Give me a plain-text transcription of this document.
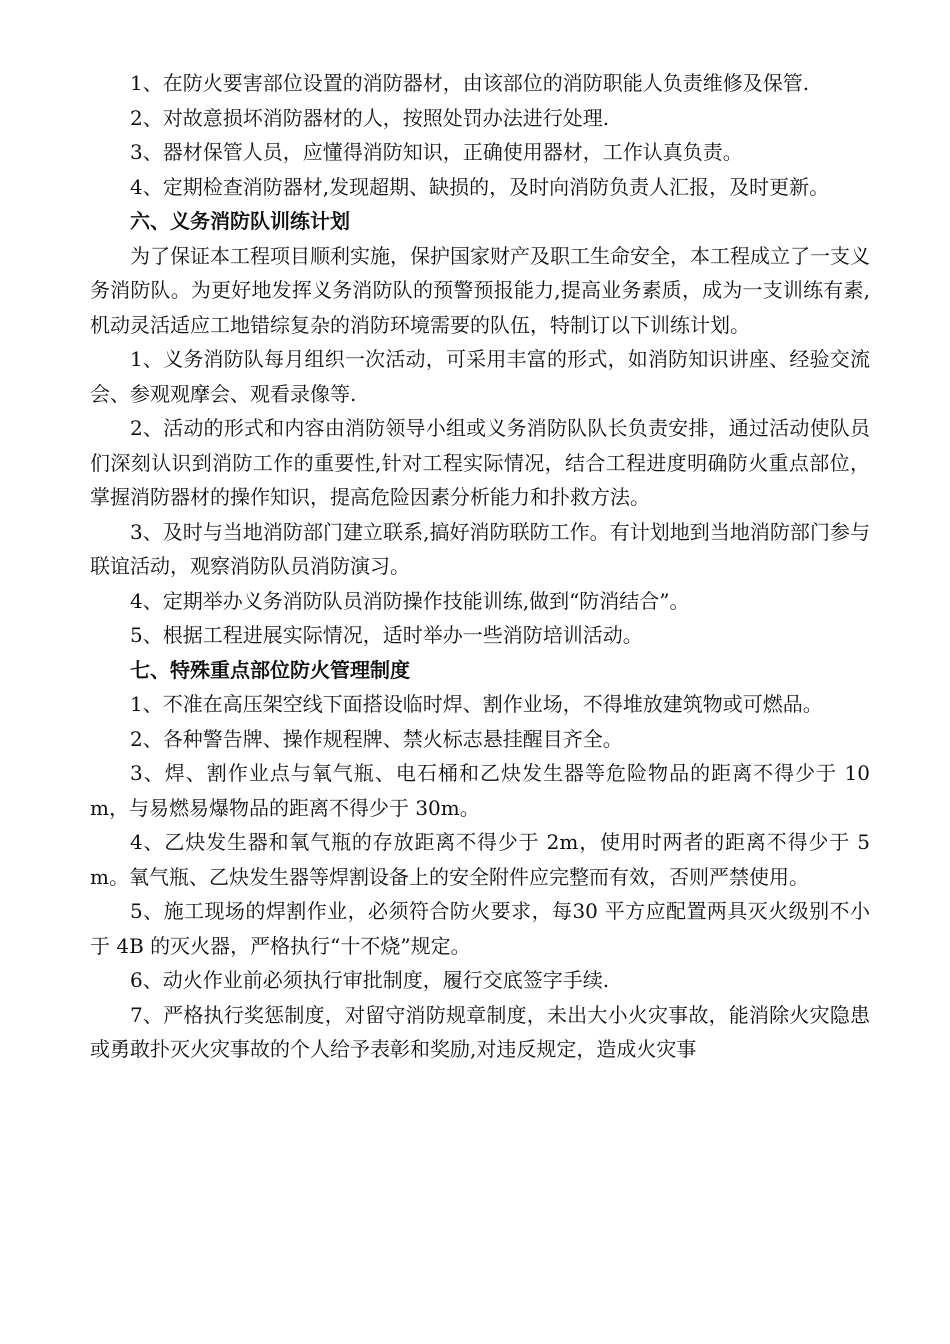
1、在防火要害部位设置的消防器材，由该部位的消防职能人负责维修及保管.

2、对故意损坏消防器材的人，按照处罚办法进行处理.

3、器材保管人员，应懂得消防知识，正确使用器材，工作认真负责。

4、定期检查消防器材,发现超期、缺损的，及时向消防负责人汇报，及时更新。

六、义务消防队训练计划

为了保证本工程项目顺利实施，保护国家财产及职工生命安全，本工程成立了一支义务消防队。为更好地发挥义务消防队的预警预报能力,提高业务素质，成为一支训练有素,机动灵活适应工地错综复杂的消防环境需要的队伍，特制订以下训练计划。

1、义务消防队每月组织一次活动，可采用丰富的形式，如消防知识讲座、经验交流会、参观观摩会、观看录像等.

2、活动的形式和内容由消防领导小组或义务消防队队长负责安排，通过活动使队员们深刻认识到消防工作的重要性,针对工程实际情况，结合工程进度明确防火重点部位，掌握消防器材的操作知识，提高危险因素分析能力和扑救方法。

3、及时与当地消防部门建立联系,搞好消防联防工作。有计划地到当地消防部门参与联谊活动，观察消防队员消防演习。

4、定期举办义务消防队员消防操作技能训练,做到“防消结合”。

5、根据工程进展实际情况，适时举办一些消防培训活动。

七、特殊重点部位防火管理制度

1、不准在高压架空线下面搭设临时焊、割作业场，不得堆放建筑物或可燃品。

2、各种警告牌、操作规程牌、禁火标志悬挂醒目齐全。

3、焊、割作业点与氧气瓶、电石桶和乙炔发生器等危险物品的距离不得少于 10m，与易燃易爆物品的距离不得少于 30m。

4、乙炔发生器和氧气瓶的存放距离不得少于 2m，使用时两者的距离不得少于 5m。氧气瓶、乙炔发生器等焊割设备上的安全附件应完整而有效，否则严禁使用。

5、施工现场的焊割作业，必须符合防火要求，每30 平方应配置两具灭火级别不小于 4B 的灭火器，严格执行“十不烧”规定。

6、动火作业前必须执行审批制度，履行交底签字手续.

7、严格执行奖惩制度，对留守消防规章制度，未出大小火灾事故，能消除火灾隐患或勇敢扑灭火灾事故的个人给予表彰和奖励,对违反规定，造成火灾事
